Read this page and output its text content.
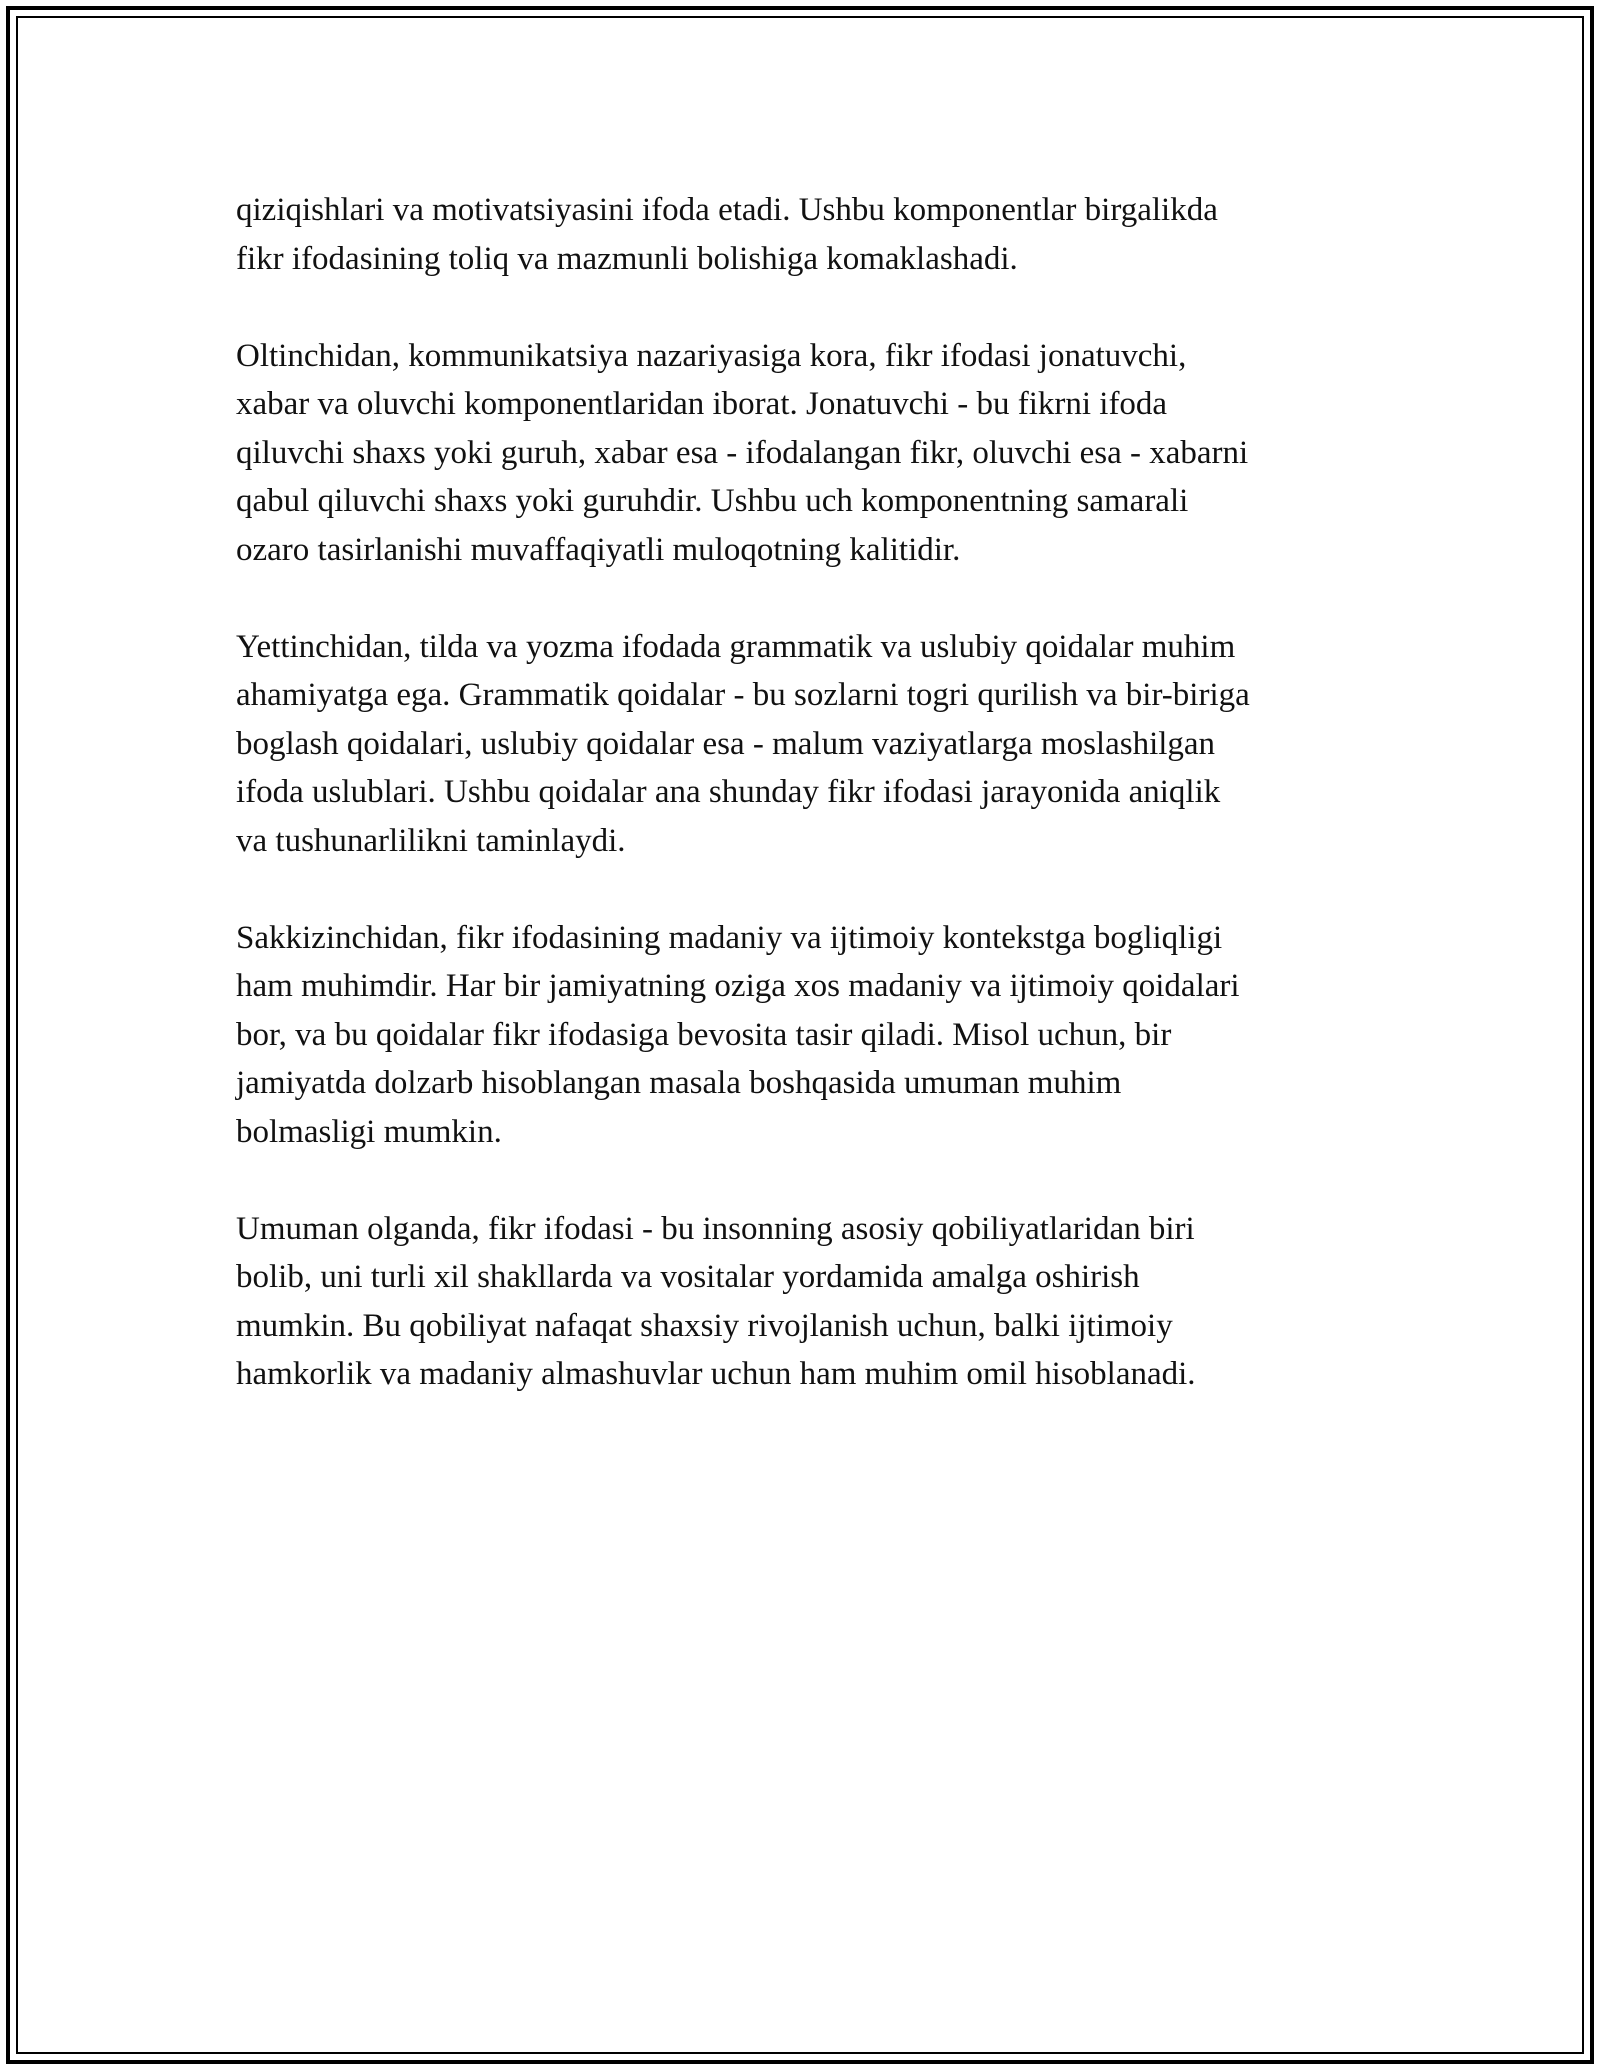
qiziqishlari va motivatsiyasini ifoda etadi. Ushbu komponentlar birgalikda
fikr ifodasining toliq va mazmunli bolishiga komaklashadi.

Oltinchidan, kommunikatsiya nazariyasiga kora, fikr ifodasi jonatuvchi,
xabar va oluvchi komponentlaridan iborat. Jonatuvchi - bu fikrni ifoda
qiluvchi shaxs yoki guruh, xabar esa - ifodalangan fikr, oluvchi esa - xabarni
qabul qiluvchi shaxs yoki guruhdir. Ushbu uch komponentning samarali
ozaro tasirlanishi muvaffaqiyatli muloqotning kalitidir.

Yettinchidan, tilda va yozma ifodada grammatik va uslubiy qoidalar muhim
ahamiyatga ega. Grammatik qoidalar - bu sozlarni togri qurilish va bir-biriga
boglash qoidalari, uslubiy qoidalar esa - malum vaziyatlarga moslashilgan
ifoda uslublari. Ushbu qoidalar ana shunday fikr ifodasi jarayonida aniqlik
va tushunarlilikni taminlaydi.

Sakkizinchidan, fikr ifodasining madaniy va ijtimoiy kontekstga bogliqligi
ham muhimdir. Har bir jamiyatning oziga xos madaniy va ijtimoiy qoidalari
bor, va bu qoidalar fikr ifodasiga bevosita tasir qiladi. Misol uchun, bir
jamiyatda dolzarb hisoblangan masala boshqasida umuman muhim
bolmasligi mumkin.

Umuman olganda, fikr ifodasi - bu insonning asosiy qobiliyatlaridan biri
bolib, uni turli xil shakllarda va vositalar yordamida amalga oshirish
mumkin. Bu qobiliyat nafaqat shaxsiy rivojlanish uchun, balki ijtimoiy
hamkorlik va madaniy almashuvlar uchun ham muhim omil hisoblanadi.
